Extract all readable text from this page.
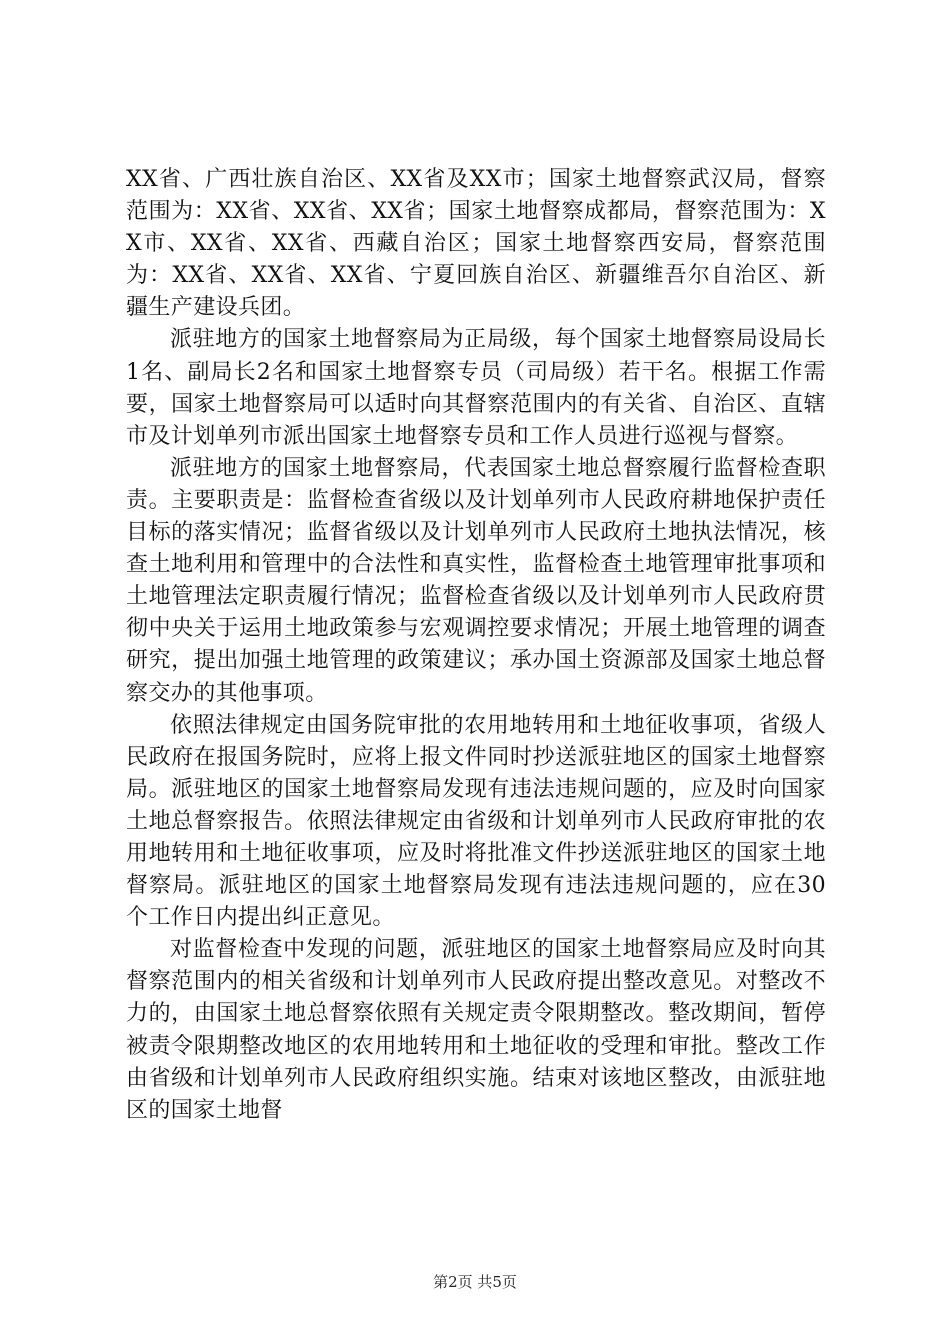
XX省、广西壮族自治区、XX省及XX市；国家土地督察武汉局，督察范围为：XX省、XX省、XX省；国家土地督察成都局，督察范围为：XX市、XX省、XX省、西藏自治区；国家土地督察西安局，督察范围为：XX省、XX省、XX省、宁夏回族自治区、新疆维吾尔自治区、新疆生产建设兵团。

派驻地方的国家土地督察局为正局级，每个国家土地督察局设局长1名、副局长2名和国家土地督察专员（司局级）若干名。根据工作需要，国家土地督察局可以适时向其督察范围内的有关省、自治区、直辖市及计划单列市派出国家土地督察专员和工作人员进行巡视与督察。

派驻地方的国家土地督察局，代表国家土地总督察履行监督检查职责。主要职责是：监督检查省级以及计划单列市人民政府耕地保护责任目标的落实情况；监督省级以及计划单列市人民政府土地执法情况，核查土地利用和管理中的合法性和真实性，监督检查土地管理审批事项和土地管理法定职责履行情况；监督检查省级以及计划单列市人民政府贯彻中央关于运用土地政策参与宏观调控要求情况；开展土地管理的调查研究，提出加强土地管理的政策建议；承办国土资源部及国家土地总督察交办的其他事项。

依照法律规定由国务院审批的农用地转用和土地征收事项，省级人民政府在报国务院时，应将上报文件同时抄送派驻地区的国家土地督察局。派驻地区的国家土地督察局发现有违法违规问题的，应及时向国家土地总督察报告。依照法律规定由省级和计划单列市人民政府审批的农用地转用和土地征收事项，应及时将批准文件抄送派驻地区的国家土地督察局。派驻地区的国家土地督察局发现有违法违规问题的，应在30个工作日内提出纠正意见。

对监督检查中发现的问题，派驻地区的国家土地督察局应及时向其督察范围内的相关省级和计划单列市人民政府提出整改意见。对整改不力的，由国家土地总督察依照有关规定责令限期整改。整改期间，暂停被责令限期整改地区的农用地转用和土地征收的受理和审批。整改工作由省级和计划单列市人民政府组织实施。结束对该地区整改，由派驻地区的国家土地督

第2页 共5页
